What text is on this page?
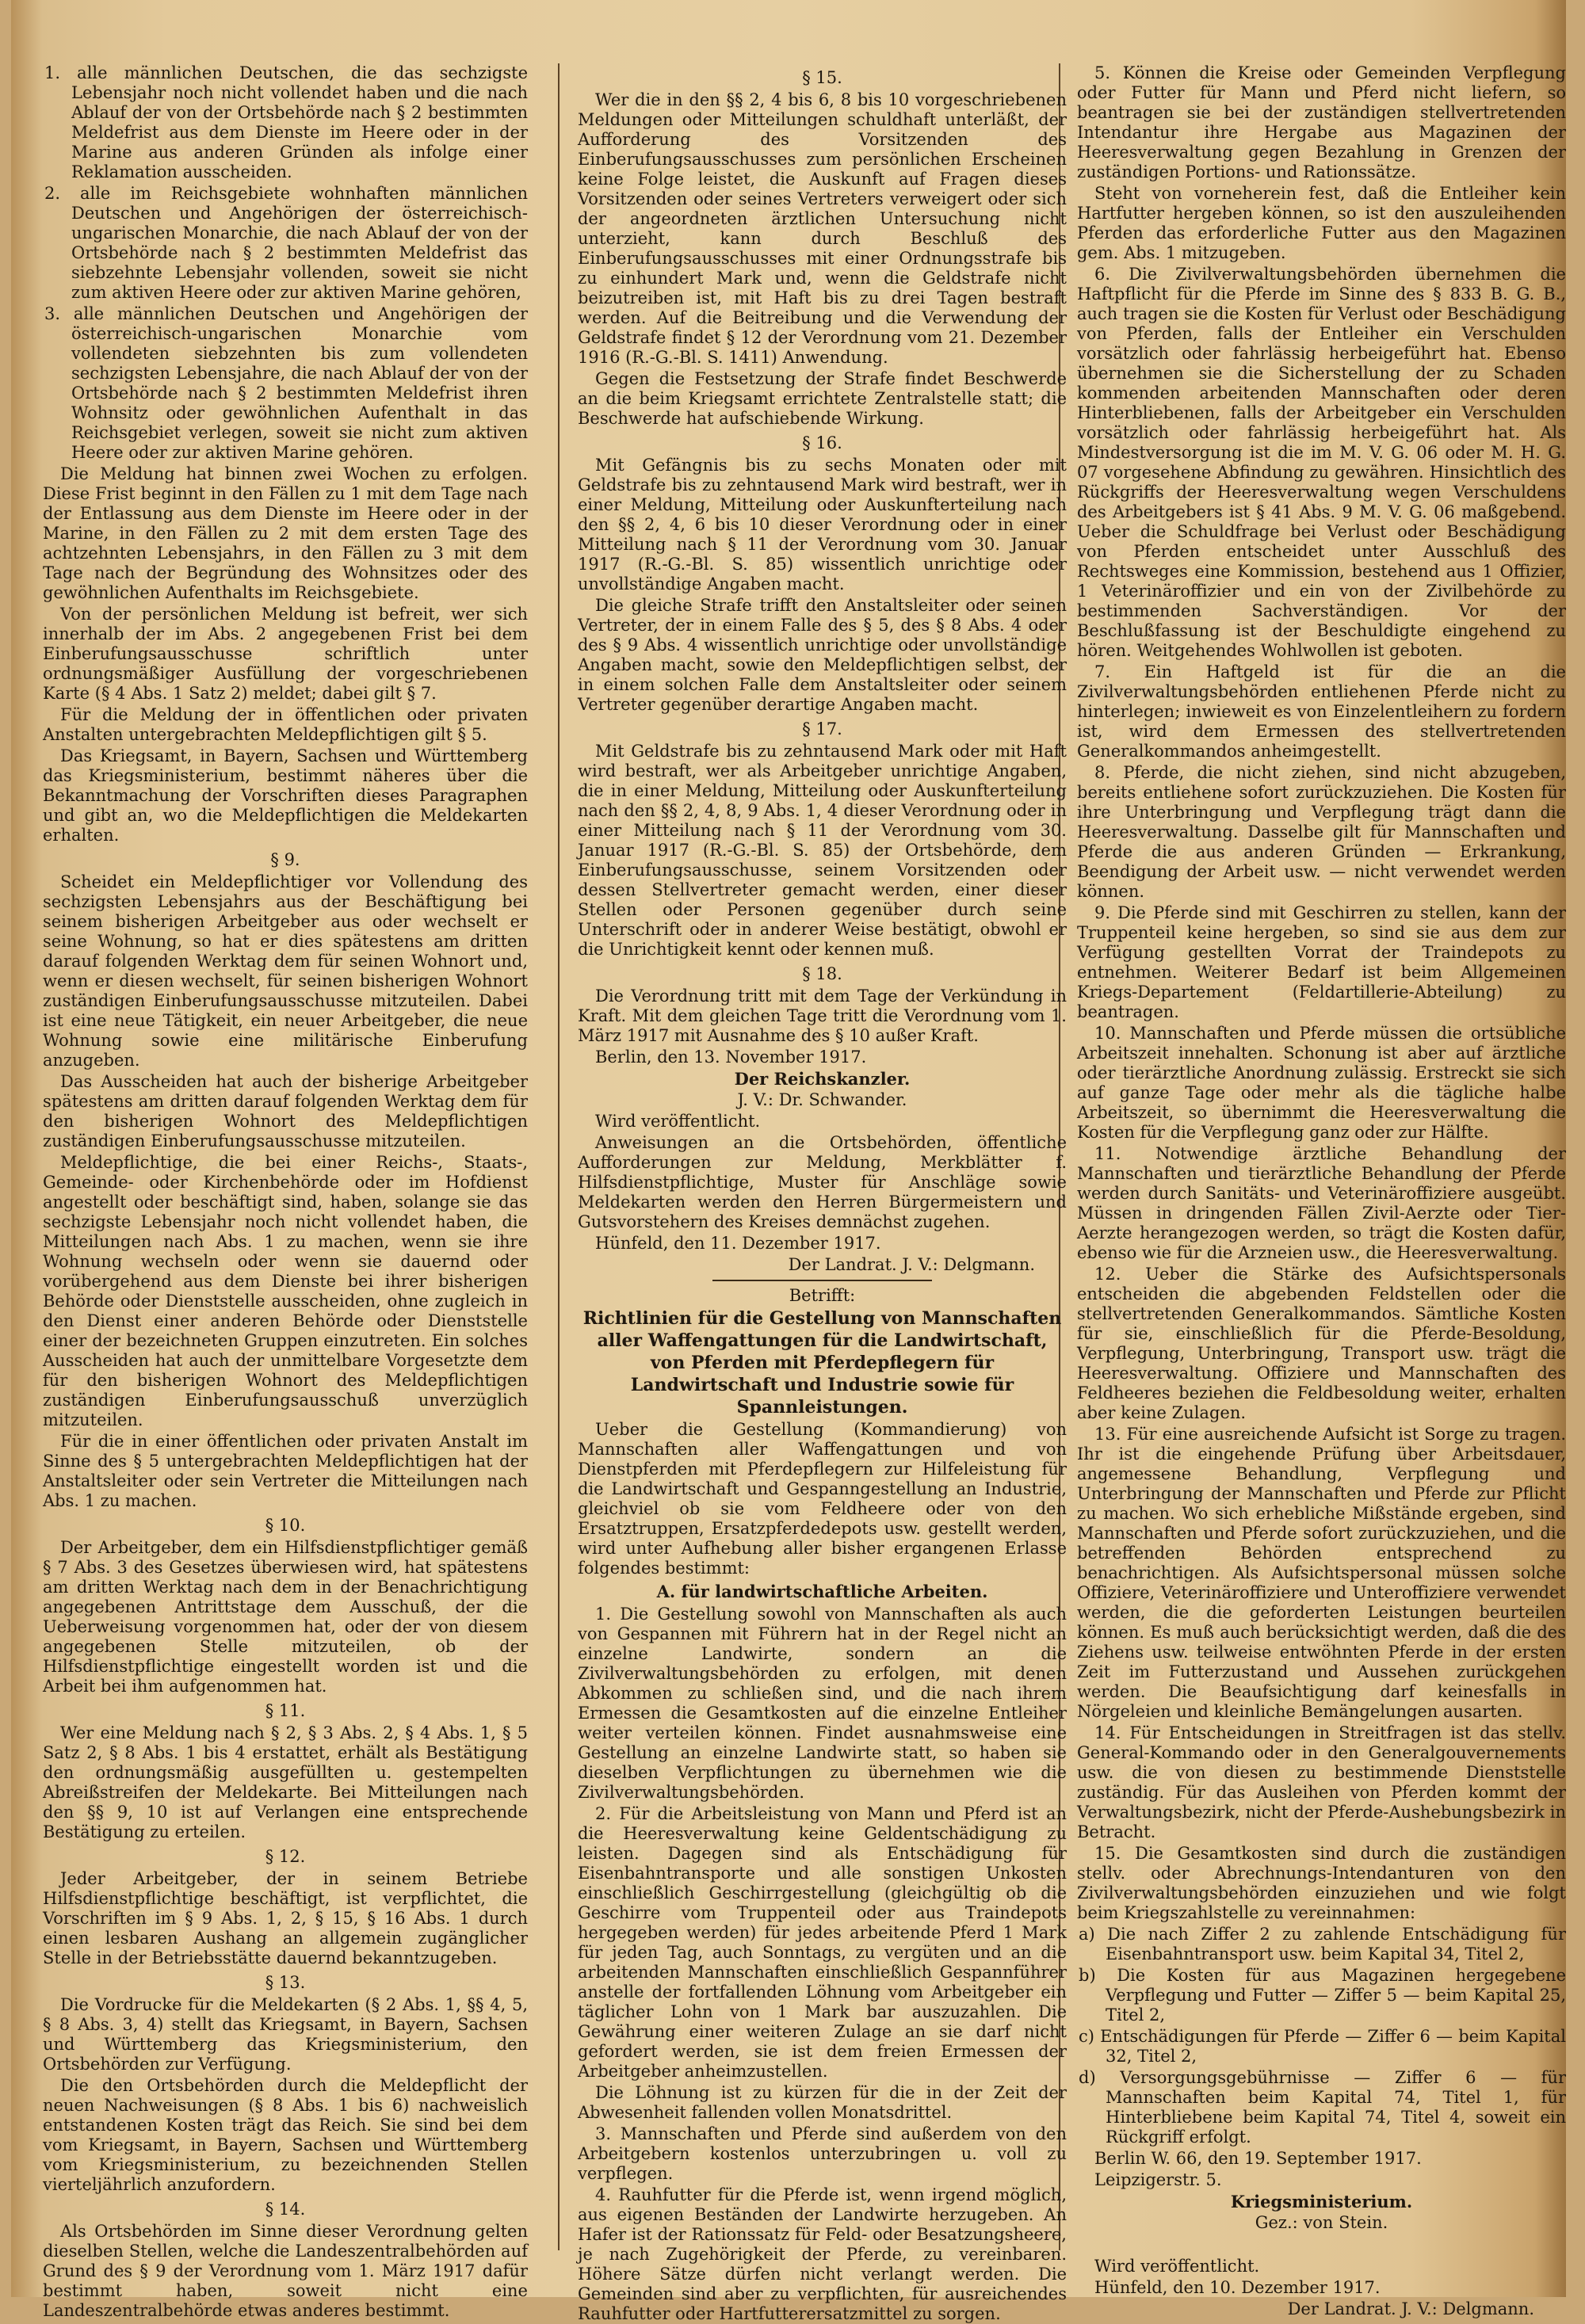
1. alle männlichen Deutschen, die das sechzigste Lebensjahr noch nicht vollendet haben und die nach Ablauf der von der Ortsbehörde nach § 2 bestimmten Meldefrist aus dem Dienste im Heere oder in der Marine aus anderen Gründen als infolge einer Reklamation ausscheiden.

2. alle im Reichsgebiete wohnhaften männlichen Deutschen und Angehörigen der österreichisch-ungarischen Monarchie, die nach Ablauf der von der Ortsbehörde nach § 2 bestimmten Meldefrist das siebzehnte Lebensjahr vollenden, soweit sie nicht zum aktiven Heere oder zur aktiven Marine gehören,

3. alle männlichen Deutschen und Angehörigen der österreichisch-ungarischen Monarchie vom vollendeten siebzehnten bis zum vollendeten sechzigsten Lebensjahre, die nach Ablauf der von der Ortsbehörde nach § 2 bestimmten Meldefrist ihren Wohnsitz oder gewöhnlichen Aufenthalt in das Reichsgebiet verlegen, soweit sie nicht zum aktiven Heere oder zur aktiven Marine gehören.

Die Meldung hat binnen zwei Wochen zu erfolgen. Diese Frist beginnt in den Fällen zu 1 mit dem Tage nach der Entlassung aus dem Dienste im Heere oder in der Marine, in den Fällen zu 2 mit dem ersten Tage des achtzehnten Lebensjahrs, in den Fällen zu 3 mit dem Tage nach der Begründung des Wohnsitzes oder des gewöhnlichen Aufenthalts im Reichsgebiete.

Von der persönlichen Meldung ist befreit, wer sich innerhalb der im Abs. 2 angegebenen Frist bei dem Einberufungsausschusse schriftlich unter ordnungsmäßiger Ausfüllung der vorgeschriebenen Karte (§ 4 Abs. 1 Satz 2) meldet; dabei gilt § 7.

Für die Meldung der in öffentlichen oder privaten Anstalten untergebrachten Meldepflichtigen gilt § 5.

Das Kriegsamt, in Bayern, Sachsen und Württemberg das Kriegsministerium, bestimmt näheres über die Bekanntmachung der Vorschriften dieses Paragraphen und gibt an, wo die Meldepflichtigen die Meldekarten erhalten.

§ 9.

Scheidet ein Meldepflichtiger vor Vollendung des sechzigsten Lebensjahrs aus der Beschäftigung bei seinem bisherigen Arbeitgeber aus oder wechselt er seine Wohnung, so hat er dies spätestens am dritten darauf folgenden Werktag dem für seinen Wohnort und, wenn er diesen wechselt, für seinen bisherigen Wohnort zuständigen Einberufungsausschusse mitzuteilen. Dabei ist eine neue Tätigkeit, ein neuer Arbeitgeber, die neue Wohnung sowie eine militärische Einberufung anzugeben.

Das Ausscheiden hat auch der bisherige Arbeitgeber spätestens am dritten darauf folgenden Werktag dem für den bisherigen Wohnort des Meldepflichtigen zuständigen Einberufungsausschusse mitzuteilen.

Meldepflichtige, die bei einer Reichs-, Staats-, Gemeinde- oder Kirchenbehörde oder im Hofdienst angestellt oder beschäftigt sind, haben, solange sie das sechzigste Lebensjahr noch nicht vollendet haben, die Mitteilungen nach Abs. 1 zu machen, wenn sie ihre Wohnung wechseln oder wenn sie dauernd oder vorübergehend aus dem Dienste bei ihrer bisherigen Behörde oder Dienststelle ausscheiden, ohne zugleich in den Dienst einer anderen Behörde oder Dienststelle einer der bezeichneten Gruppen einzutreten. Ein solches Ausscheiden hat auch der unmittelbare Vorgesetzte dem für den bisherigen Wohnort des Meldepflichtigen zuständigen Einberufungsausschuß unverzüglich mitzuteilen.

Für die in einer öffentlichen oder privaten Anstalt im Sinne des § 5 untergebrachten Meldepflichtigen hat der Anstaltsleiter oder sein Vertreter die Mitteilungen nach Abs. 1 zu machen.

§ 10.

Der Arbeitgeber, dem ein Hilfsdienstpflichtiger gemäß § 7 Abs. 3 des Gesetzes überwiesen wird, hat spätestens am dritten Werktag nach dem in der Benachrichtigung angegebenen Antrittstage dem Ausschuß, der die Ueberweisung vorgenommen hat, oder der von diesem angegebenen Stelle mitzuteilen, ob der Hilfsdienstpflichtige eingestellt worden ist und die Arbeit bei ihm aufgenommen hat.

§ 11.

Wer eine Meldung nach § 2, § 3 Abs. 2, § 4 Abs. 1, § 5 Satz 2, § 8 Abs. 1 bis 4 erstattet, erhält als Bestätigung den ordnungsmäßig ausgefüllten u. gestempelten Abreißstreifen der Meldekarte. Bei Mitteilungen nach den §§ 9, 10 ist auf Verlangen eine entsprechende Bestätigung zu erteilen.

§ 12.

Jeder Arbeitgeber, der in seinem Betriebe Hilfsdienstpflichtige beschäftigt, ist verpflichtet, die Vorschriften im § 9 Abs. 1, 2, § 15, § 16 Abs. 1 durch einen lesbaren Aushang an allgemein zugänglicher Stelle in der Betriebsstätte dauernd bekanntzugeben.

§ 13.

Die Vordrucke für die Meldekarten (§ 2 Abs. 1, §§ 4, 5, § 8 Abs. 3, 4) stellt das Kriegsamt, in Bayern, Sachsen und Württemberg das Kriegsministerium, den Ortsbehörden zur Verfügung.

Die den Ortsbehörden durch die Meldepflicht der neuen Nachweisungen (§ 8 Abs. 1 bis 6) nachweislich entstandenen Kosten trägt das Reich. Sie sind bei dem vom Kriegsamt, in Bayern, Sachsen und Württemberg vom Kriegsministerium, zu bezeichnenden Stellen vierteljährlich anzufordern.

§ 14.

Als Ortsbehörden im Sinne dieser Verordnung gelten dieselben Stellen, welche die Landeszentralbehörden auf Grund des § 9 der Verordnung vom 1. März 1917 dafür bestimmt haben, soweit nicht eine Landeszentralbehörde etwas anderes bestimmt.

§ 15.

Wer die in den §§ 2, 4 bis 6, 8 bis 10 vorgeschriebenen Meldungen oder Mitteilungen schuldhaft unterläßt, der Aufforderung des Vorsitzenden des Einberufungsausschusses zum persönlichen Erscheinen keine Folge leistet, die Auskunft auf Fragen dieses Vorsitzenden oder seines Vertreters verweigert oder sich der angeordneten ärztlichen Untersuchung nicht unterzieht, kann durch Beschluß des Einberufungsausschusses mit einer Ordnungsstrafe bis zu einhundert Mark und, wenn die Geldstrafe nicht beizutreiben ist, mit Haft bis zu drei Tagen bestraft werden. Auf die Beitreibung und die Verwendung der Geldstrafe findet § 12 der Verordnung vom 21. Dezember 1916 (R.-G.-Bl. S. 1411) Anwendung.

Gegen die Festsetzung der Strafe findet Beschwerde an die beim Kriegsamt errichtete Zentralstelle statt; die Beschwerde hat aufschiebende Wirkung.

§ 16.

Mit Gefängnis bis zu sechs Monaten oder mit Geldstrafe bis zu zehntausend Mark wird bestraft, wer in einer Meldung, Mitteilung oder Auskunfterteilung nach den §§ 2, 4, 6 bis 10 dieser Verordnung oder in einer Mitteilung nach § 11 der Verordnung vom 30. Januar 1917 (R.-G.-Bl. S. 85) wissentlich unrichtige oder unvollständige Angaben macht.

Die gleiche Strafe trifft den Anstaltsleiter oder seinen Vertreter, der in einem Falle des § 5, des § 8 Abs. 4 oder des § 9 Abs. 4 wissentlich unrichtige oder unvollständige Angaben macht, sowie den Meldepflichtigen selbst, der in einem solchen Falle dem Anstaltsleiter oder seinem Vertreter gegenüber derartige Angaben macht.

§ 17.

Mit Geldstrafe bis zu zehntausend Mark oder mit Haft wird bestraft, wer als Arbeitgeber unrichtige Angaben, die in einer Meldung, Mitteilung oder Auskunfterteilung nach den §§ 2, 4, 8, 9 Abs. 1, 4 dieser Verordnung oder in einer Mitteilung nach § 11 der Verordnung vom 30. Januar 1917 (R.-G.-Bl. S. 85) der Ortsbehörde, dem Einberufungsausschusse, seinem Vorsitzenden oder dessen Stellvertreter gemacht werden, einer dieser Stellen oder Personen gegenüber durch seine Unterschrift oder in anderer Weise bestätigt, obwohl er die Unrichtigkeit kennt oder kennen muß.

§ 18.

Die Verordnung tritt mit dem Tage der Verkündung in Kraft. Mit dem gleichen Tage tritt die Verordnung vom 1. März 1917 mit Ausnahme des § 10 außer Kraft.

Berlin, den 13. November 1917.

Der Reichskanzler.

J. V.: Dr. Schwander.

Wird veröffentlicht.

Anweisungen an die Ortsbehörden, öffentliche Aufforderungen zur Meldung, Merkblätter f. Hilfsdienstpflichtige, Muster für Anschläge sowie Meldekarten werden den Herren Bürgermeistern und Gutsvorstehern des Kreises demnächst zugehen.

Hünfeld, den 11. Dezember 1917.

Der Landrat. J. V.: Delgmann.

Betrifft:

Richtlinien für die Gestellung von Mannschaften aller Waffengattungen für die Landwirtschaft, von Pferden mit Pferdepflegern für Landwirtschaft und Industrie sowie für Spannleistungen.

Ueber die Gestellung (Kommandierung) von Mannschaften aller Waffengattungen und von Dienstpferden mit Pferdepflegern zur Hilfeleistung für die Landwirtschaft und Gespanngestellung an Industrie, gleichviel ob sie vom Feldheere oder von den Ersatztruppen, Ersatzpferdedepots usw. gestellt werden, wird unter Aufhebung aller bisher ergangenen Erlasse folgendes bestimmt:

A. für landwirtschaftliche Arbeiten.

1. Die Gestellung sowohl von Mannschaften als auch von Gespannen mit Führern hat in der Regel nicht an einzelne Landwirte, sondern an die Zivilverwaltungsbehörden zu erfolgen, mit denen Abkommen zu schließen sind, und die nach ihrem Ermessen die Gesamtkosten auf die einzelne Entleiher weiter verteilen können. Findet ausnahmsweise eine Gestellung an einzelne Landwirte statt, so haben sie dieselben Verpflichtungen zu übernehmen wie die Zivilverwaltungsbehörden.

2. Für die Arbeitsleistung von Mann und Pferd ist an die Heeresverwaltung keine Geldentschädigung zu leisten. Dagegen sind als Entschädigung für Eisenbahntransporte und alle sonstigen Unkosten einschließlich Geschirrgestellung (gleichgültig ob die Geschirre vom Truppenteil oder aus Traindepots hergegeben werden) für jedes arbeitende Pferd 1 Mark für jeden Tag, auch Sonntags, zu vergüten und an die arbeitenden Mannschaften einschließlich Gespannführer anstelle der fortfallenden Löhnung vom Arbeitgeber ein täglicher Lohn von 1 Mark bar auszuzahlen. Die Gewährung einer weiteren Zulage an sie darf nicht gefordert werden, sie ist dem freien Ermessen der Arbeitgeber anheimzustellen.

Die Löhnung ist zu kürzen für die in der Zeit der Abwesenheit fallenden vollen Monatsdrittel.

3. Mannschaften und Pferde sind außerdem von den Arbeitgebern kostenlos unterzubringen u. voll zu verpflegen.

4. Rauhfutter für die Pferde ist, wenn irgend möglich, aus eigenen Beständen der Landwirte herzugeben. An Hafer ist der Rationssatz für Feld- oder Besatzungsheere, je nach Zugehörigkeit der Pferde, zu vereinbaren. Höhere Sätze dürfen nicht verlangt werden. Die Gemeinden sind aber zu verpflichten, für ausreichendes Rauhfutter oder Hartfutterersatzmittel zu sorgen.

5. Können die Kreise oder Gemeinden Verpflegung oder Futter für Mann und Pferd nicht liefern, so beantragen sie bei der zuständigen stellvertretenden Intendantur ihre Hergabe aus Magazinen der Heeresverwaltung gegen Bezahlung in Grenzen der zuständigen Portions- und Rationssätze.

Steht von vorneherein fest, daß die Entleiher kein Hartfutter hergeben können, so ist den auszuleihenden Pferden das erforderliche Futter aus den Magazinen gem. Abs. 1 mitzugeben.

6. Die Zivilverwaltungsbehörden übernehmen die Haftpflicht für die Pferde im Sinne des § 833 B. G. B., auch tragen sie die Kosten für Verlust oder Beschädigung von Pferden, falls der Entleiher ein Verschulden vorsätzlich oder fahrlässig herbeigeführt hat. Ebenso übernehmen sie die Sicherstellung der zu Schaden kommenden arbeitenden Mannschaften oder deren Hinterbliebenen, falls der Arbeitgeber ein Verschulden vorsätzlich oder fahrlässig herbeigeführt hat. Als Mindestversorgung ist die im M. V. G. 06 oder M. H. G. 07 vorgesehene Abfindung zu gewähren. Hinsichtlich des Rückgriffs der Heeresverwaltung wegen Verschuldens des Arbeitgebers ist § 41 Abs. 9 M. V. G. 06 maßgebend. Ueber die Schuldfrage bei Verlust oder Beschädigung von Pferden entscheidet unter Ausschluß des Rechtsweges eine Kommission, bestehend aus 1 Offizier, 1 Veterinäroffizier und ein von der Zivilbehörde zu bestimmenden Sachverständigen. Vor der Beschlußfassung ist der Beschuldigte eingehend zu hören. Weitgehendes Wohlwollen ist geboten.

7. Ein Haftgeld ist für die an die Zivilverwaltungsbehörden entliehenen Pferde nicht zu hinterlegen; inwieweit es von Einzelentleihern zu fordern ist, wird dem Ermessen des stellvertretenden Generalkommandos anheimgestellt.

8. Pferde, die nicht ziehen, sind nicht abzugeben, bereits entliehene sofort zurückzuziehen. Die Kosten für ihre Unterbringung und Verpflegung trägt dann die Heeresverwaltung. Dasselbe gilt für Mannschaften und Pferde die aus anderen Gründen — Erkrankung, Beendigung der Arbeit usw. — nicht verwendet werden können.

9. Die Pferde sind mit Geschirren zu stellen, kann der Truppenteil keine hergeben, so sind sie aus dem zur Verfügung gestellten Vorrat der Traindepots zu entnehmen. Weiterer Bedarf ist beim Allgemeinen Kriegs-Departement (Feldartillerie-Abteilung) zu beantragen.

10. Mannschaften und Pferde müssen die ortsübliche Arbeitszeit innehalten. Schonung ist aber auf ärztliche oder tierärztliche Anordnung zulässig. Erstreckt sie sich auf ganze Tage oder mehr als die tägliche halbe Arbeitszeit, so übernimmt die Heeresverwaltung die Kosten für die Verpflegung ganz oder zur Hälfte.

11. Notwendige ärztliche Behandlung der Mannschaften und tierärztliche Behandlung der Pferde werden durch Sanitäts- und Veterinäroffiziere ausgeübt. Müssen in dringenden Fällen Zivil-Aerzte oder Tier-Aerzte herangezogen werden, so trägt die Kosten dafür, ebenso wie für die Arzneien usw., die Heeresverwaltung.

12. Ueber die Stärke des Aufsichtspersonals entscheiden die abgebenden Feldstellen oder die stellvertretenden Generalkommandos. Sämtliche Kosten für sie, einschließlich für die Pferde-Besoldung, Verpflegung, Unterbringung, Transport usw. trägt die Heeresverwaltung. Offiziere und Mannschaften des Feldheeres beziehen die Feldbesoldung weiter, erhalten aber keine Zulagen.

13. Für eine ausreichende Aufsicht ist Sorge zu tragen. Ihr ist die eingehende Prüfung über Arbeitsdauer, angemessene Behandlung, Verpflegung und Unterbringung der Mannschaften und Pferde zur Pflicht zu machen. Wo sich erhebliche Mißstände ergeben, sind Mannschaften und Pferde sofort zurückzuziehen, und die betreffenden Behörden entsprechend zu benachrichtigen. Als Aufsichtspersonal müssen solche Offiziere, Veterinäroffiziere und Unteroffiziere verwendet werden, die die geforderten Leistungen beurteilen können. Es muß auch berücksichtigt werden, daß die des Ziehens usw. teilweise entwöhnten Pferde in der ersten Zeit im Futterzustand und Aussehen zurückgehen werden. Die Beaufsichtigung darf keinesfalls in Nörgeleien und kleinliche Bemängelungen ausarten.

14. Für Entscheidungen in Streitfragen ist das stellv. General-Kommando oder in den Generalgouvernements usw. die von diesen zu bestimmende Dienststelle zuständig. Für das Ausleihen von Pferden kommt der Verwaltungsbezirk, nicht der Pferde-Aushebungsbezirk in Betracht.

15. Die Gesamtkosten sind durch die zuständigen stellv. oder Abrechnungs-Intendanturen von den Zivilverwaltungsbehörden einzuziehen und wie folgt beim Kriegszahlstelle zu vereinnahmen:

a) Die nach Ziffer 2 zu zahlende Entschädigung für Eisenbahntransport usw. beim Kapital 34, Titel 2,

b) Die Kosten für aus Magazinen hergegebene Verpflegung und Futter — Ziffer 5 — beim Kapital 25, Titel 2,

c) Entschädigungen für Pferde — Ziffer 6 — beim Kapital 32, Titel 2,

d) Versorgungsgebührnisse — Ziffer 6 — für Mannschaften beim Kapital 74, Titel 1, für Hinterbliebene beim Kapital 74, Titel 4, soweit ein Rückgriff erfolgt.

Berlin W. 66, den 19. September 1917.

Leipzigerstr. 5.

Kriegsministerium.

Gez.: von Stein.

Wird veröffentlicht.

Hünfeld, den 10. Dezember 1917.

Der Landrat. J. V.: Delgmann.
